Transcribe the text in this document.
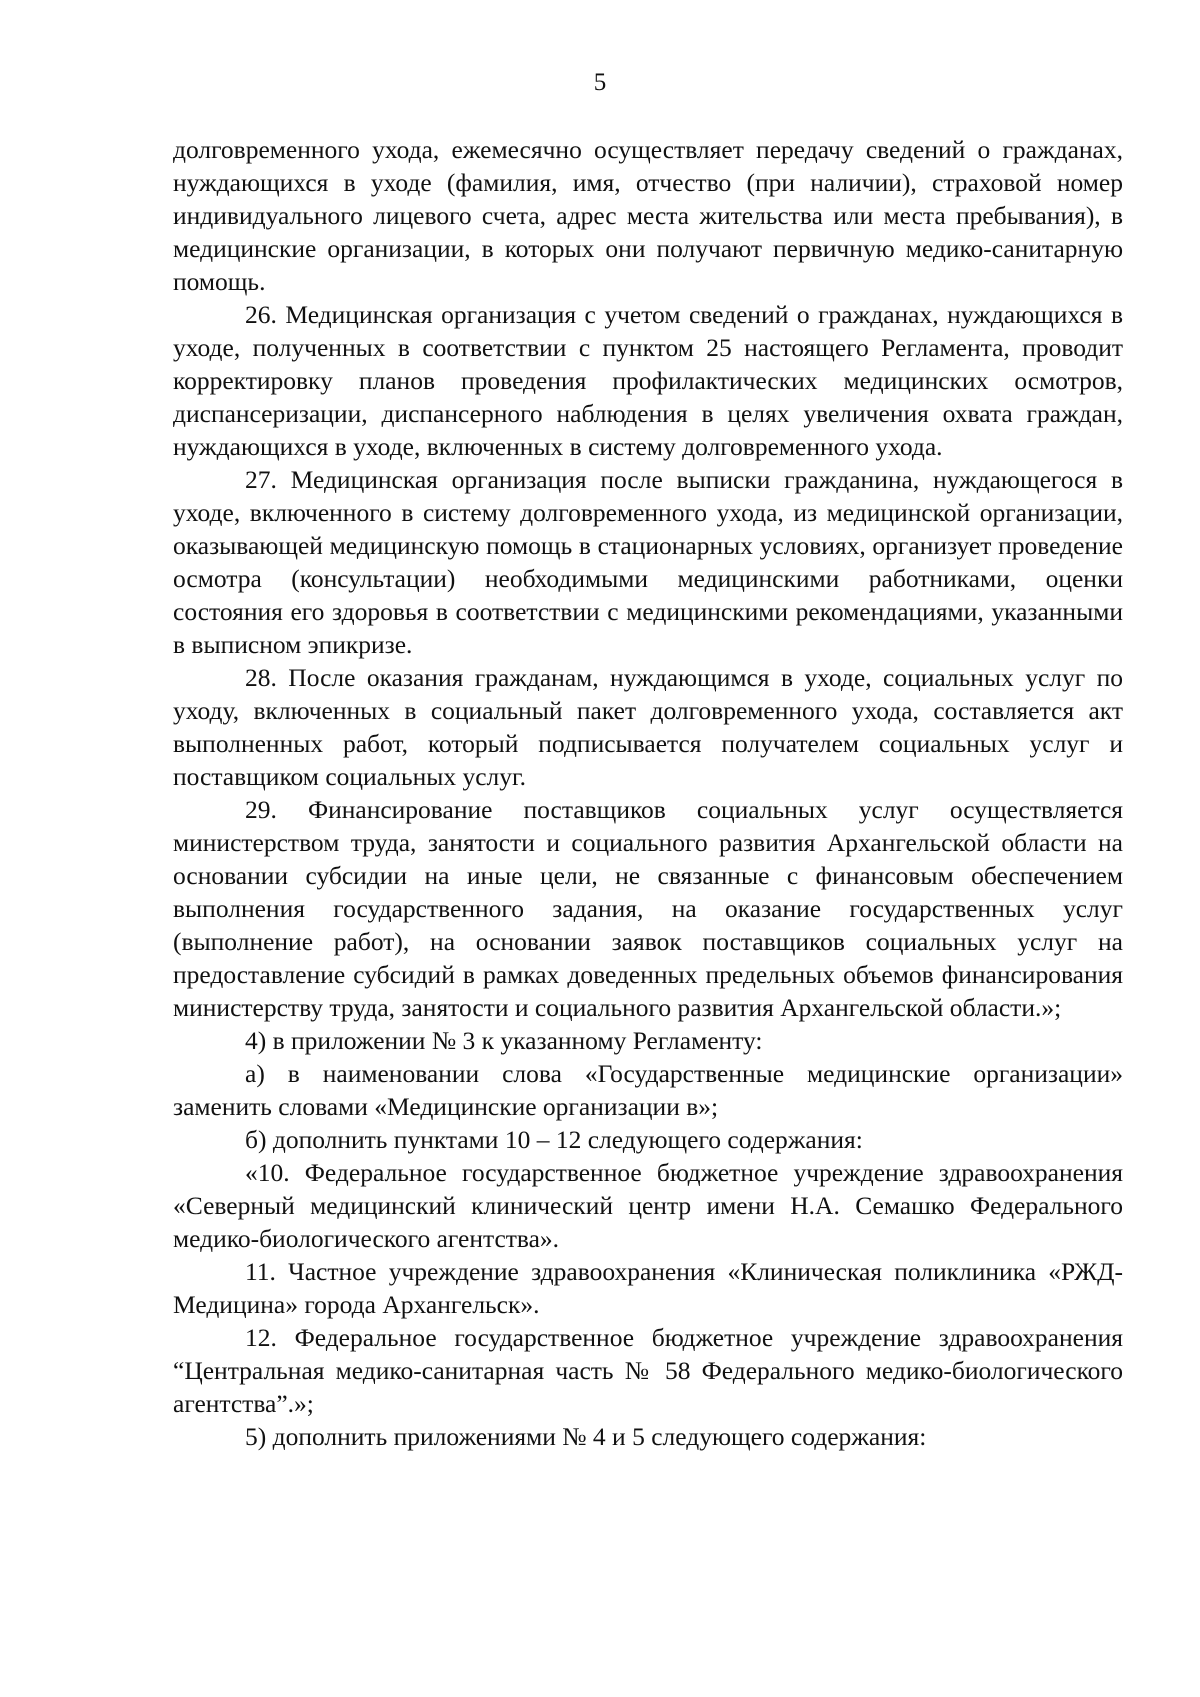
5

долговременного ухода, ежемесячно осуществляет передачу сведений о гражданах, нуждающихся в уходе (фамилия, имя, отчество (при наличии), страховой номер индивидуального лицевого счета, адрес места жительства или места пребывания), в медицинские организации, в которых они получают первичную медико-санитарную помощь.

26. Медицинская организация с учетом сведений о гражданах, нуждающихся в уходе, полученных в соответствии с пунктом 25 настоящего Регламента, проводит корректировку планов проведения профилактических медицинских осмотров, диспансеризации, диспансерного наблюдения в целях увеличения охвата граждан, нуждающихся в уходе, включенных в систему долговременного ухода.

27. Медицинская организация после выписки гражданина, нуждающегося в уходе, включенного в систему долговременного ухода, из медицинской организации, оказывающей медицинскую помощь в стационарных условиях, организует проведение осмотра (консультации) необходимыми медицинскими работниками, оценки состояния его здоровья в соответствии с медицинскими рекомендациями, указанными в выписном эпикризе.

28. После оказания гражданам, нуждающимся в уходе, социальных услуг по уходу, включенных в социальный пакет долговременного ухода, составляется акт выполненных работ, который подписывается получателем социальных услуг и поставщиком социальных услуг.

29. Финансирование поставщиков социальных услуг осуществляется министерством труда, занятости и социального развития Архангельской области на основании субсидии на иные цели, не связанные с финансовым обеспечением выполнения государственного задания, на оказание государственных услуг (выполнение работ), на основании заявок поставщиков социальных услуг на предоставление субсидий в рамках доведенных предельных объемов финансирования министерству труда, занятости и социального развития Архангельской области.»;

4) в приложении № 3 к указанному Регламенту:

а) в наименовании слова «Государственные медицинские организации» заменить словами «Медицинские организации в»;

б) дополнить пунктами 10 – 12 следующего содержания:

«10. Федеральное государственное бюджетное учреждение здравоохранения «Северный медицинский клинический центр имени Н.А. Семашко Федерального медико-биологического агентства».

11. Частное учреждение здравоохранения «Клиническая поликлиника «РЖД-Медицина» города Архангельск».

12. Федеральное государственное бюджетное учреждение здравоохранения “Центральная медико-санитарная часть № 58 Федерального медико-биологического агентства”.»;

5) дополнить приложениями № 4 и 5 следующего содержания:
